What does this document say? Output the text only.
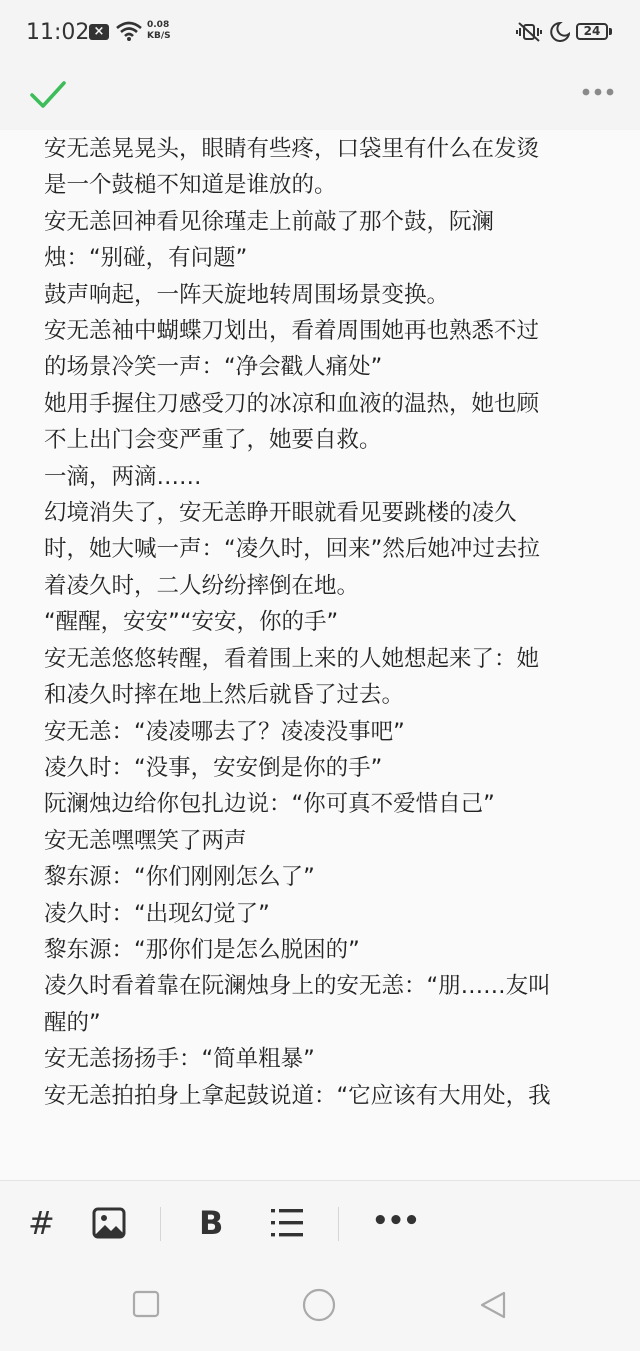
11:02 ×	0.08
KB/S	24
安无恙晃晃头，眼睛有些疼，口袋里有什么在发烫
是一个鼓槌不知道是谁放的。
安无恙回神看见徐瑾走上前敲了那个鼓，阮澜
烛：“别碰，有问题”
鼓声响起，一阵天旋地转周围场景变换。
安无恙袖中蝴蝶刀划出，看着周围她再也熟悉不过
的场景冷笑一声：“净会戳人痛处”
她用手握住刀感受刀的冰凉和血液的温热，她也顾
不上出门会变严重了，她要自救。
一滴，两滴……
幻境消失了，安无恙睁开眼就看见要跳楼的凌久
时，她大喊一声：“凌久时，回来”然后她冲过去拉
着凌久时，二人纷纷摔倒在地。
“醒醒，安安”“安安，你的手”
安无恙悠悠转醒，看着围上来的人她想起来了：她
和凌久时摔在地上然后就昏了过去。
安无恙：“凌凌哪去了？凌凌没事吧”
凌久时：“没事，安安倒是你的手”
阮澜烛边给你包扎边说：“你可真不爱惜自己”
安无恙嘿嘿笑了两声
黎东源：“你们刚刚怎么了”
凌久时：“出现幻觉了”
黎东源：“那你们是怎么脱困的”
凌久时看着靠在阮澜烛身上的安无恙：“朋……友叫
醒的”
安无恙扬扬手：“简单粗暴”
安无恙拍拍身上拿起鼓说道：“它应该有大用处，我
#	B	•••
